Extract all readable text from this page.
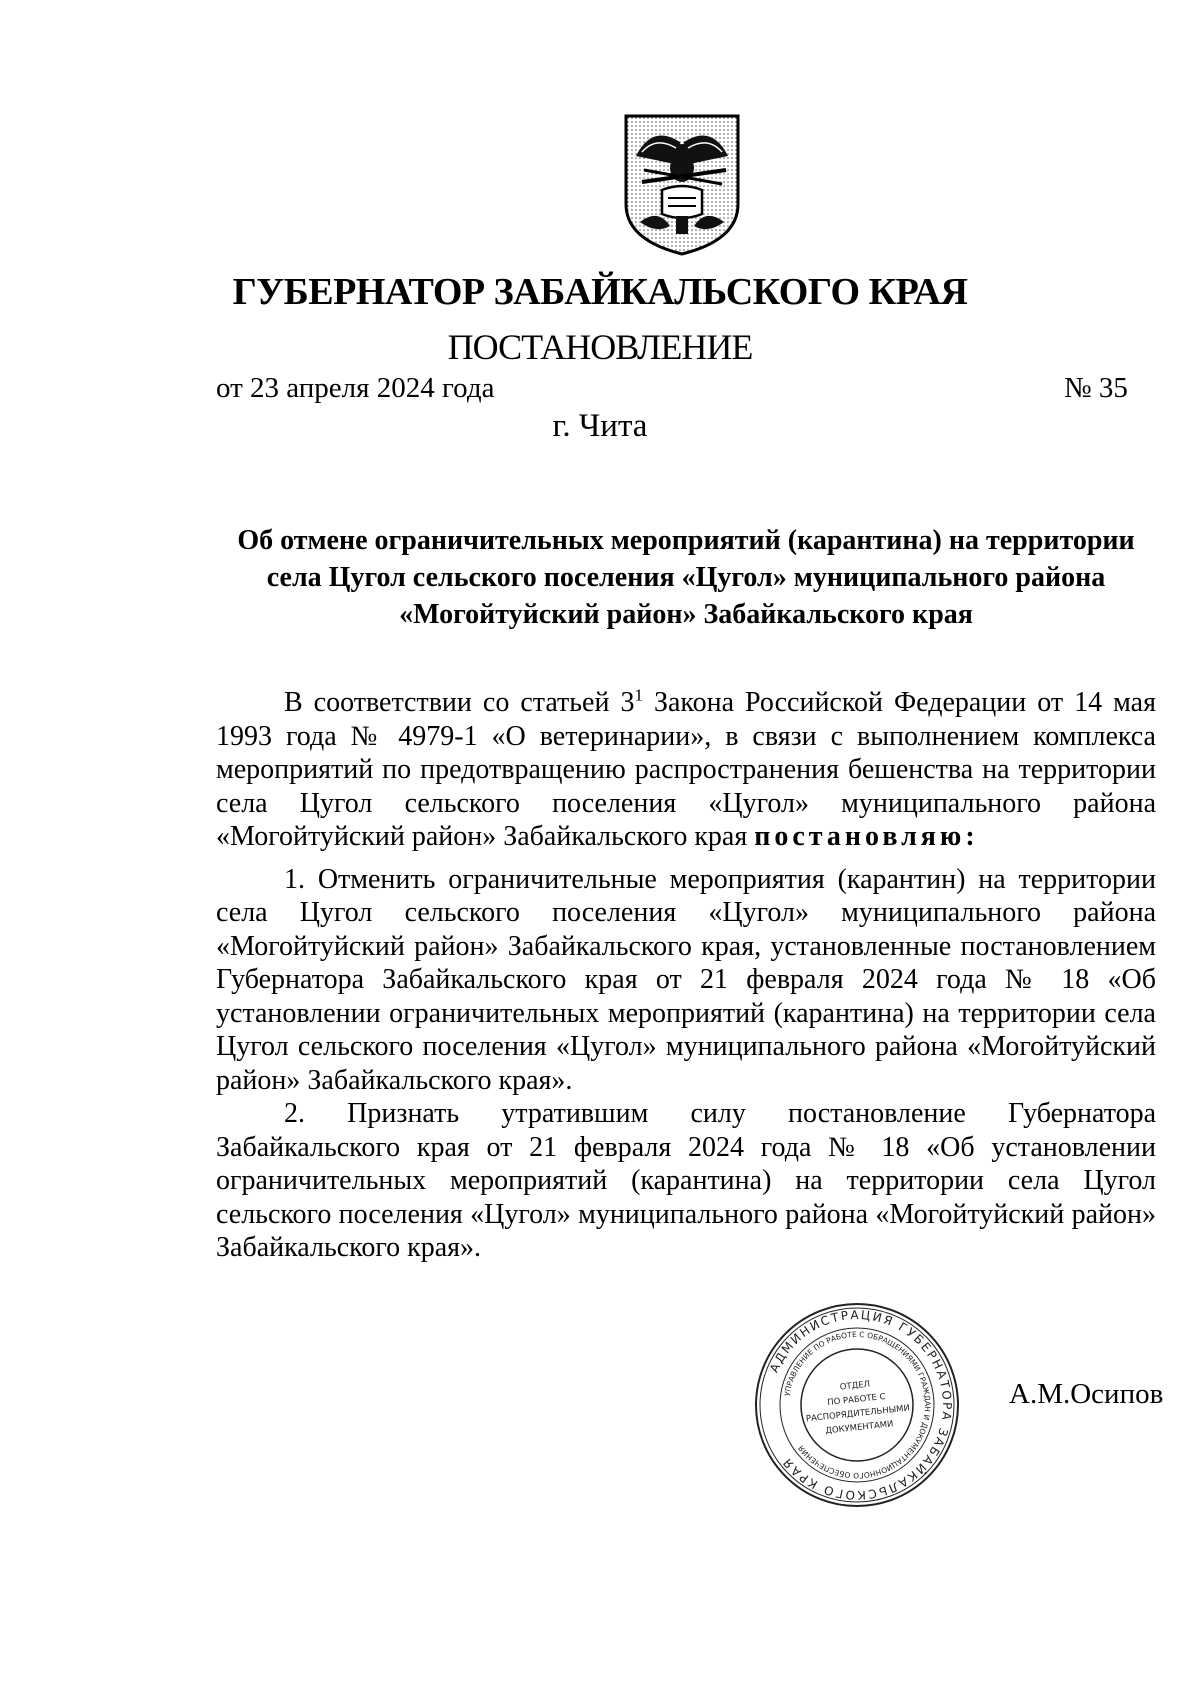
ГУБЕРНАТОР ЗАБАЙКАЛЬСКОГО КРАЯ
ПОСТАНОВЛЕНИЕ
от 23 апреля 2024 года	№ 35
г. Чита
Об отмене ограничительных мероприятий (карантина) на территории
села Цугол сельского поселения «Цугол» муниципального района
«Могойтуйский район» Забайкальского края

В соответствии со статьей $3^1$ Закона Российской Федерации от 14 мая 1993 года № 4979-1 «О ветеринарии», в связи с выполнением комплекса мероприятий по предотвращению распространения бешенства на территории села Цугол сельского поселения «Цугол» муниципального района «Могойтуйский район» Забайкальского края постановляю:

1. Отменить ограничительные мероприятия (карантин) на территории села Цугол сельского поселения «Цугол» муниципального района «Могойтуйский район» Забайкальского края, установленные постановлением Губернатора Забайкальского края от 21 февраля 2024 года № 18 «Об установлении ограничительных мероприятий (карантина) на территории села Цугол сельского поселения «Цугол» муниципального района «Могойтуйский район» Забайкальского края».

2. Признать утратившим силу постановление Губернатора Забайкальского края от 21 февраля 2024 года № 18 «Об установлении ограничительных мероприятий (карантина) на территории села Цугол сельского поселения «Цугол» муниципального района «Могойтуйский район» Забайкальского края».

АДМИНИСТРАЦИЯ ГУБЕРНАТОРА ЗАБАЙКАЛЬСКОГО КРАЯ
УПРАВЛЕНИЕ ПО РАБОТЕ С ОБРАЩЕНИЯМИ ГРАЖДАН И ДОКУМЕНТАЦИОННОГО ОБЕСПЕЧЕНИЯ
ОТДЕЛ
ПО РАБОТЕ С
РАСПОРЯДИТЕЛЬНЫМИ
ДОКУМЕНТАМИ
А.М.Осипов
